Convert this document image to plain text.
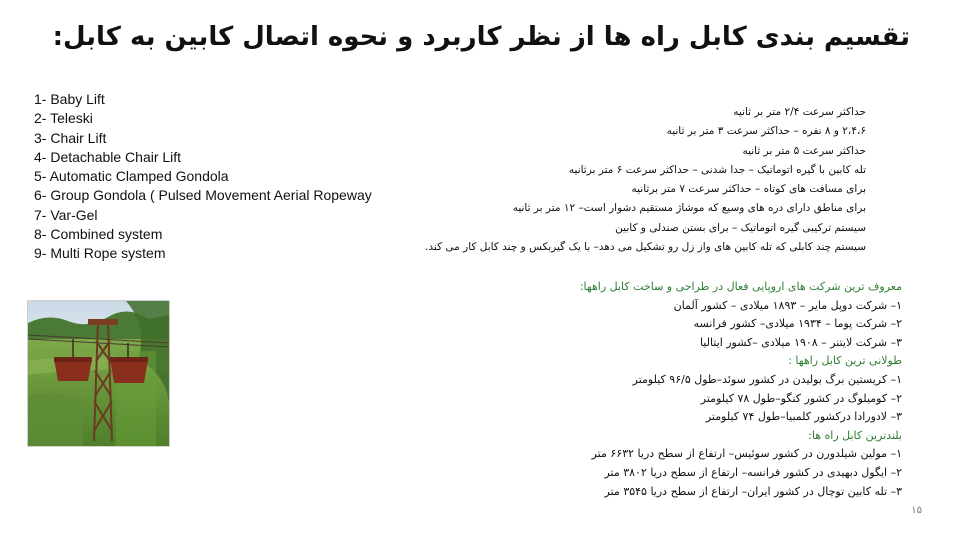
تقسیم بندی کابل راه ها از نظر کاربرد و نحوه اتصال کابین به کابل:
1- Baby Lift
2- Teleski
3- Chair Lift
4- Detachable Chair Lift
5- Automatic Clamped Gondola
6- Group Gondola ( Pulsed Movement Aerial Ropeway
7- Var-Gel
8- Combined system
9- Multi Rope system

حداکثر سرعت ۲/۴ متر بر ثانیه

۲،۴،۶ و ۸ نفره – حداکثر سرعت ۳ متر بر ثانیه

حداکثر سرعت ۵ متر بر ثانیه

تله کابین با گیره اتوماتیک – جدا شدنی – حداکثر سرعت ۶ متر برثانیه

برای مسافت های کوتاه – حداکثر سرعت ۷ متر برثانیه

برای مناطق دارای دره های وسیع که موشاژ مستقیم دشوار است– ۱۲ متر بر ثانیه

سیستم ترکیبی گیره اتوماتیک – برای بستن صندلی و کابین

سیستم چند کابلی که تله کابین های واز زل رو تشکیل می دهد– با یک گیربکس و چند کابل کار می کند.

معروف ترین شرکت های اروپایی فعال در طراحی و ساخت کابل راهها:

۱– شرکت دوپل مایر – ۱۸۹۳ میلادی – کشور آلمان

۲– شرکت پوما – ۱۹۳۴ میلادی– کشور فرانسه

۳– شرکت لایتنر – ۱۹۰۸ میلادی –کشور ایتالیا

طولانی ترین کابل راهها :

۱– کریستین برگ بولیدن در کشور سوئد–طول ۹۶/۵ کیلومتر

۲– کومیلوگ در کشور کنگو–طول ۷۸ کیلومتر

۳– لادورادا درکشور کلمبیا–طول ۷۴ کیلومتر

بلندترین کابل راه ها:

۱– مولین شیلدورن در کشور سوئیس– ارتفاع از سطح دریا ۶۶۳۲ متر

۲– ایگول دبهیدی در کشور فرانسه– ارتفاع از سطح دریا ۳۸۰۲ متر

۳– تله کابین توچال در کشور ایران– ارتفاع از سطح دریا ۳۵۴۵ متر

۱۵
